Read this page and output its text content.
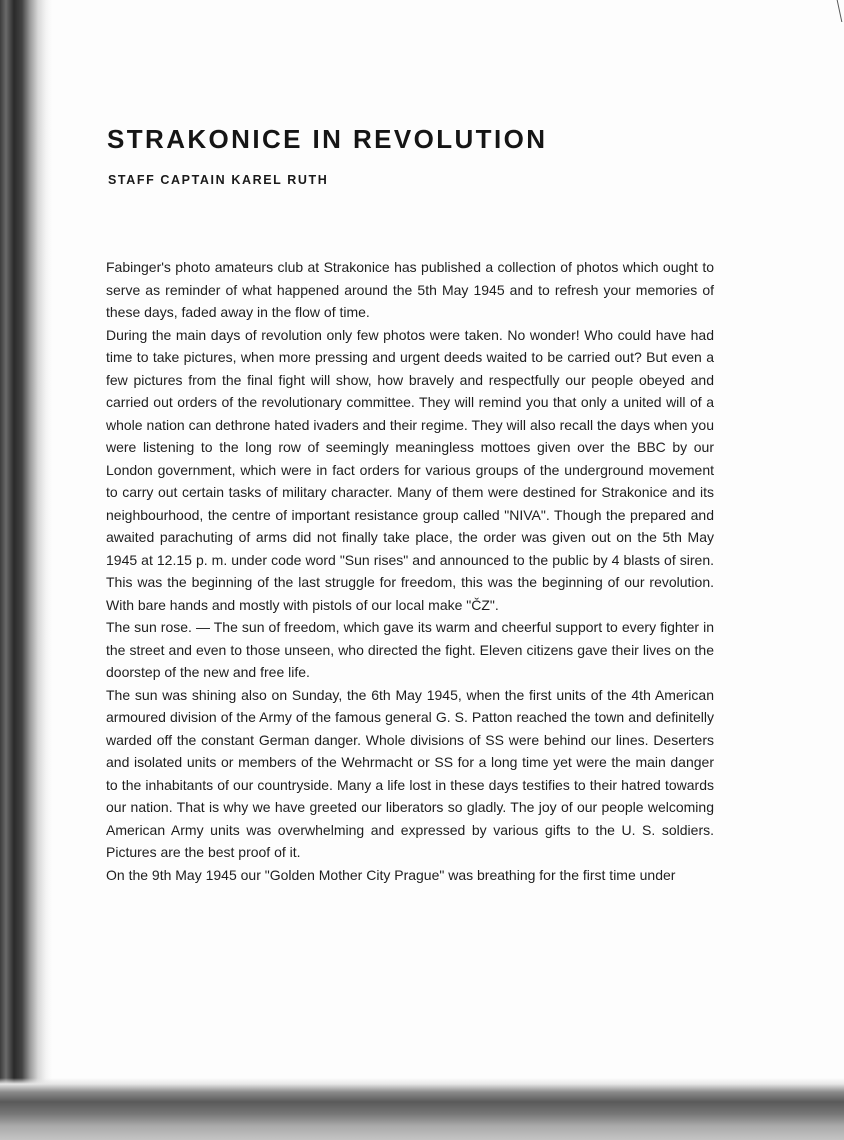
STRAKONICE IN REVOLUTION
STAFF CAPTAIN KAREL RUTH

Fabinger's photo amateurs club at Strakonice has published a collection of photos which ought to serve as reminder of what happened around the 5th May 1945 and to refresh your memories of these days, faded away in the flow of time.

During the main days of revolution only few photos were taken. No wonder! Who could have had time to take pictures, when more pressing and urgent deeds waited to be carried out? But even a few pictures from the final fight will show, how bravely and respectfully our people obeyed and carried out orders of the revolutionary committee. They will remind you that only a united will of a whole nation can dethrone hated ivaders and their regime. They will also recall the days when you were listening to the long row of seemingly meaningless mottoes given over the BBC by our London government, which were in fact orders for various groups of the underground movement to carry out certain tasks of military character. Many of them were destined for Strakonice and its neighbourhood, the centre of important resistance group called "NIVA". Though the prepared and awaited parachuting of arms did not finally take place, the order was given out on the 5th May 1945 at 12.15 p. m. under code word "Sun rises" and announced to the public by 4 blasts of siren. This was the beginning of the last struggle for freedom, this was the beginning of our revolution. With bare hands and mostly with pistols of our local make "ČZ".

The sun rose. — The sun of freedom, which gave its warm and cheerful support to every fighter in the street and even to those unseen, who directed the fight. Eleven citizens gave their lives on the doorstep of the new and free life.

The sun was shining also on Sunday, the 6th May 1945, when the first units of the 4th American armoured division of the Army of the famous general G. S. Patton reached the town and definitelly warded off the constant German danger. Whole divisions of SS were behind our lines. Deserters and isolated units or members of the Wehrmacht or SS for a long time yet were the main danger to the inhabitants of our countryside. Many a life lost in these days testifies to their hatred towards our nation. That is why we have greeted our liberators so gladly. The joy of our people welcoming American Army units was overwhelming and expressed by various gifts to the U. S. soldiers. Pictures are the best proof of it.

On the 9th May 1945 our "Golden Mother City Prague" was breathing for the first time under
